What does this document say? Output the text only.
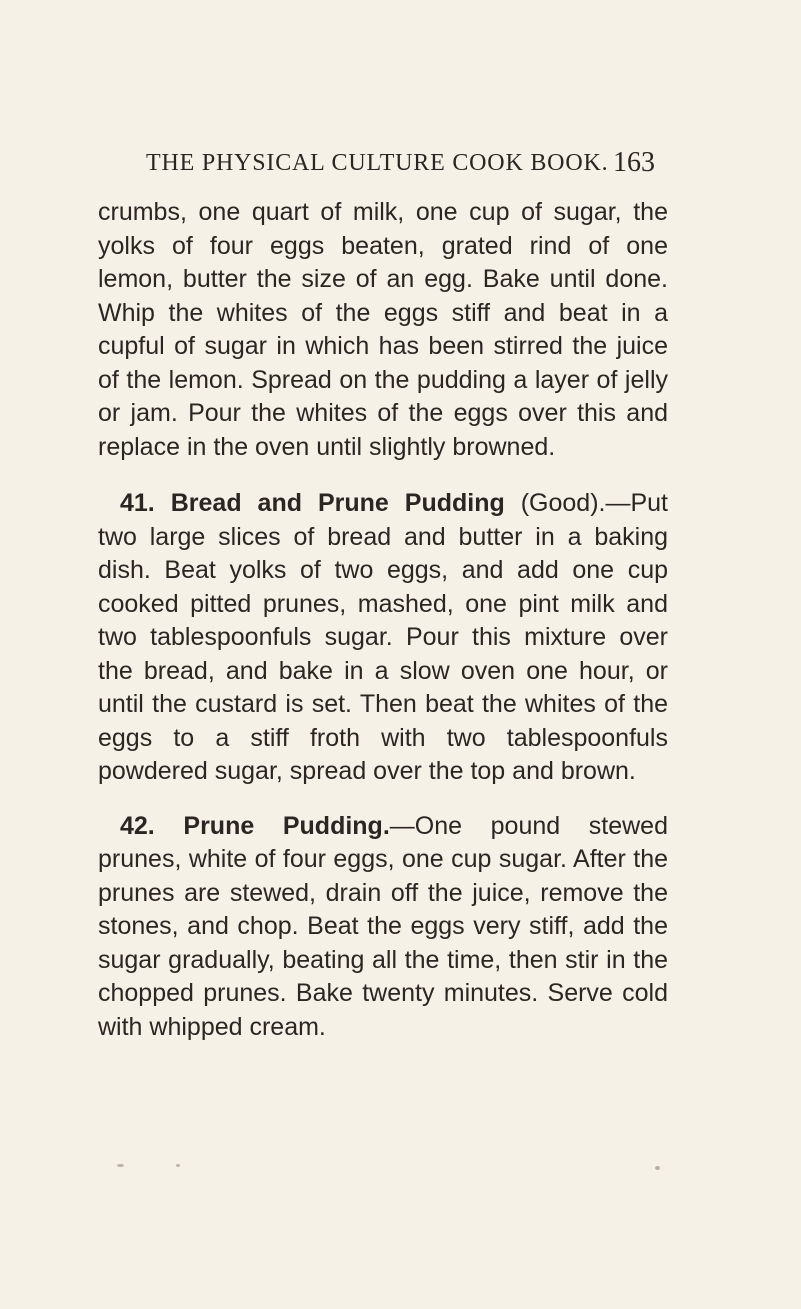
THE PHYSICAL CULTURE COOK BOOK. 163

crumbs, one quart of milk, one cup of sugar, the yolks of four eggs beaten, grated rind of one lemon, butter the size of an egg. Bake until done. Whip the whites of the eggs stiff and beat in a cupful of sugar in which has been stirred the juice of the lemon. Spread on the pudding a layer of jelly or jam. Pour the whites of the eggs over this and replace in the oven until slightly browned.

41. Bread and Prune Pudding (Good).—Put two large slices of bread and butter in a baking dish. Beat yolks of two eggs, and add one cup cooked pitted prunes, mashed, one pint milk and two tablespoonfuls sugar. Pour this mixture over the bread, and bake in a slow oven one hour, or until the custard is set. Then beat the whites of the eggs to a stiff froth with two tablespoonfuls powdered sugar, spread over the top and brown.

42. Prune Pudding.—One pound stewed prunes, white of four eggs, one cup sugar. After the prunes are stewed, drain off the juice, remove the stones, and chop. Beat the eggs very stiff, add the sugar gradually, beating all the time, then stir in the chopped prunes. Bake twenty minutes. Serve cold with whipped cream.
